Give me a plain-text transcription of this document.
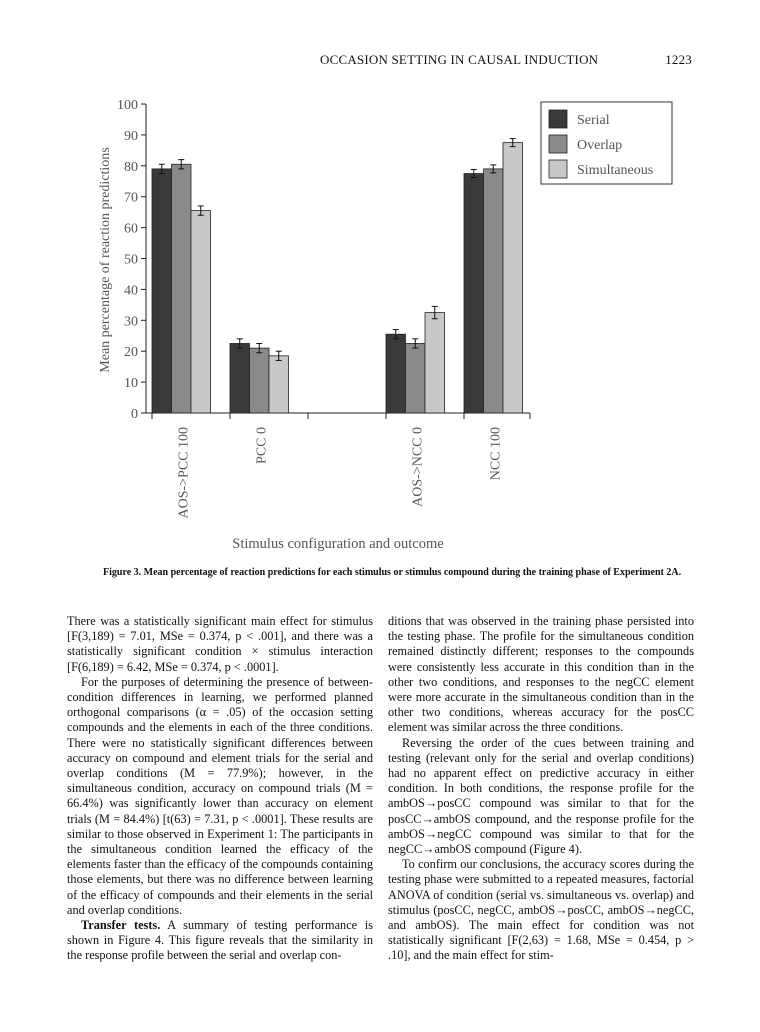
OCCASION SETTING IN CAUSAL INDUCTION	1223
0
10
20
30
40
50
60
70
80
90
100
Mean percentage of reaction predictions
AOS->PCC 100	PCC 0	AOS->NCC 0	NCC 100
Stimulus configuration and outcome
Serial
Overlap
Simultaneous
Figure 3. Mean percentage of reaction predictions for each stimulus or stimulus compound during the training phase of Experiment 2A.

There was a statistically significant main effect for stimulus [F(3,189) = 7.01, MSe = 0.374, p < .001], and there was a statistically significant condition × stimulus interaction [F(6,189) = 6.42, MSe = 0.374, p < .0001].

For the purposes of determining the presence of between-condition differences in learning, we performed planned orthogonal comparisons (α = .05) of the occasion setting compounds and the elements in each of the three conditions. There were no statistically significant differences between accuracy on compound and element trials for the serial and overlap conditions (M = 77.9%); however, in the simultaneous condition, accuracy on compound trials (M = 66.4%) was significantly lower than accuracy on element trials (M = 84.4%) [t(63) = 7.31, p < .0001]. These results are similar to those observed in Experiment 1: The participants in the simultaneous condition learned the efficacy of the elements faster than the efficacy of the compounds containing those elements, but there was no difference between learning of the efficacy of compounds and their elements in the serial and overlap conditions.

Transfer tests. A summary of testing performance is shown in Figure 4. This figure reveals that the similarity in the response profile between the serial and overlap con-

ditions that was observed in the training phase persisted into the testing phase. The profile for the simultaneous condition remained distinctly different; responses to the compounds were consistently less accurate in this condition than in the other two conditions, and responses to the negCC element were more accurate in the simultaneous condition than in the other two conditions, whereas accuracy for the posCC element was similar across the three conditions.

Reversing the order of the cues between training and testing (relevant only for the serial and overlap conditions) had no apparent effect on predictive accuracy in either condition. In both conditions, the response profile for the ambOS→posCC compound was similar to that for the posCC→ambOS compound, and the response profile for the ambOS→negCC compound was similar to that for the negCC→ambOS compound (Figure 4).

To confirm our conclusions, the accuracy scores during the testing phase were submitted to a repeated measures, factorial ANOVA of condition (serial vs. simultaneous vs. overlap) and stimulus (posCC, negCC, ambOS→posCC, ambOS→negCC, and ambOS). The main effect for condition was not statistically significant [F(2,63) = 1.68, MSe = 0.454, p > .10], and the main effect for stim-
